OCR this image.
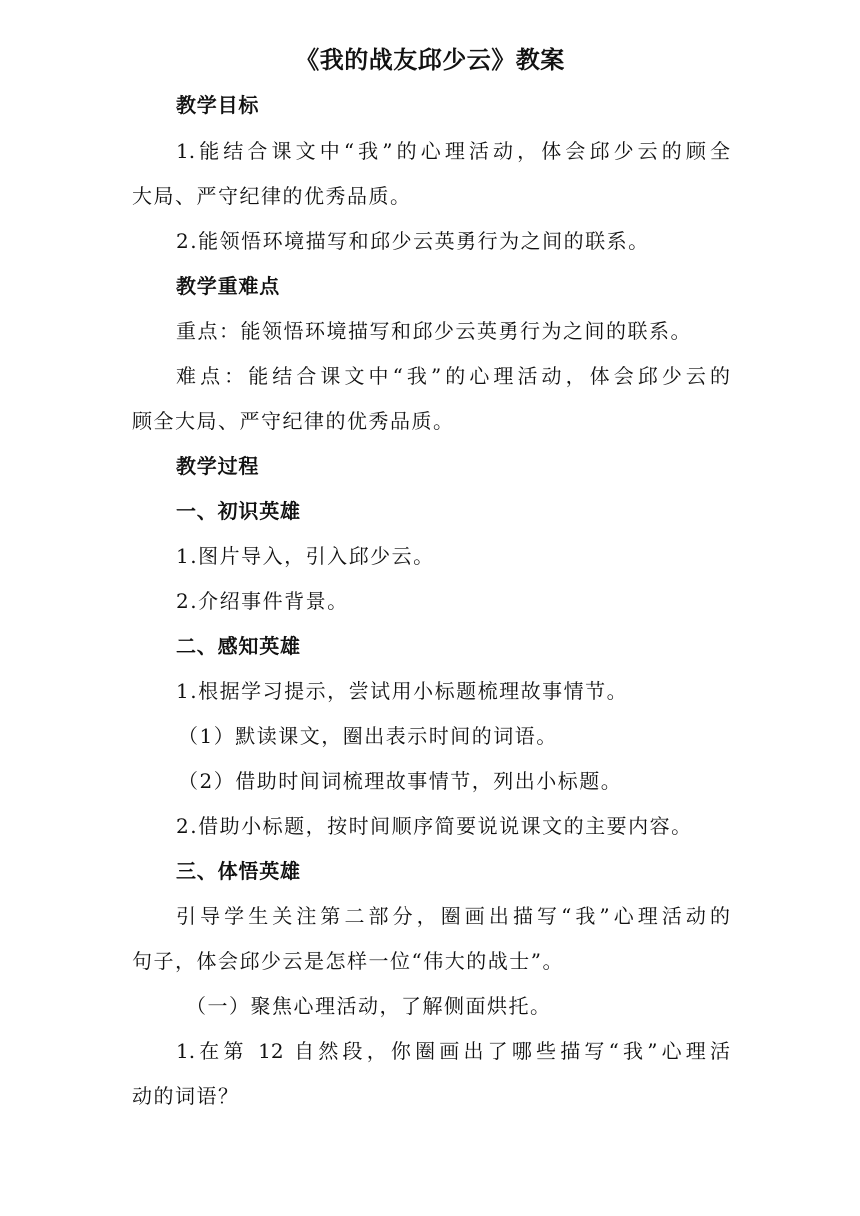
《我的战友邱少云》教案
教学目标
1.能结合课文中“我”的心理活动，体会邱少云的顾全
大局、严守纪律的优秀品质。
2.能领悟环境描写和邱少云英勇行为之间的联系。
教学重难点
重点：能领悟环境描写和邱少云英勇行为之间的联系。
难点：能结合课文中“我”的心理活动，体会邱少云的
顾全大局、严守纪律的优秀品质。
教学过程
一、初识英雄
1.图片导入，引入邱少云。
2.介绍事件背景。
二、感知英雄
1.根据学习提示，尝试用小标题梳理故事情节。
（1）默读课文，圈出表示时间的词语。
（2）借助时间词梳理故事情节，列出小标题。
2.借助小标题，按时间顺序简要说说课文的主要内容。
三、体悟英雄
引导学生关注第二部分，圈画出描写“我”心理活动的
句子，体会邱少云是怎样一位“伟大的战士”。
（一）聚焦心理活动，了解侧面烘托。
1.在第 12 自然段，你圈画出了哪些描写“我”心理活
动的词语？
